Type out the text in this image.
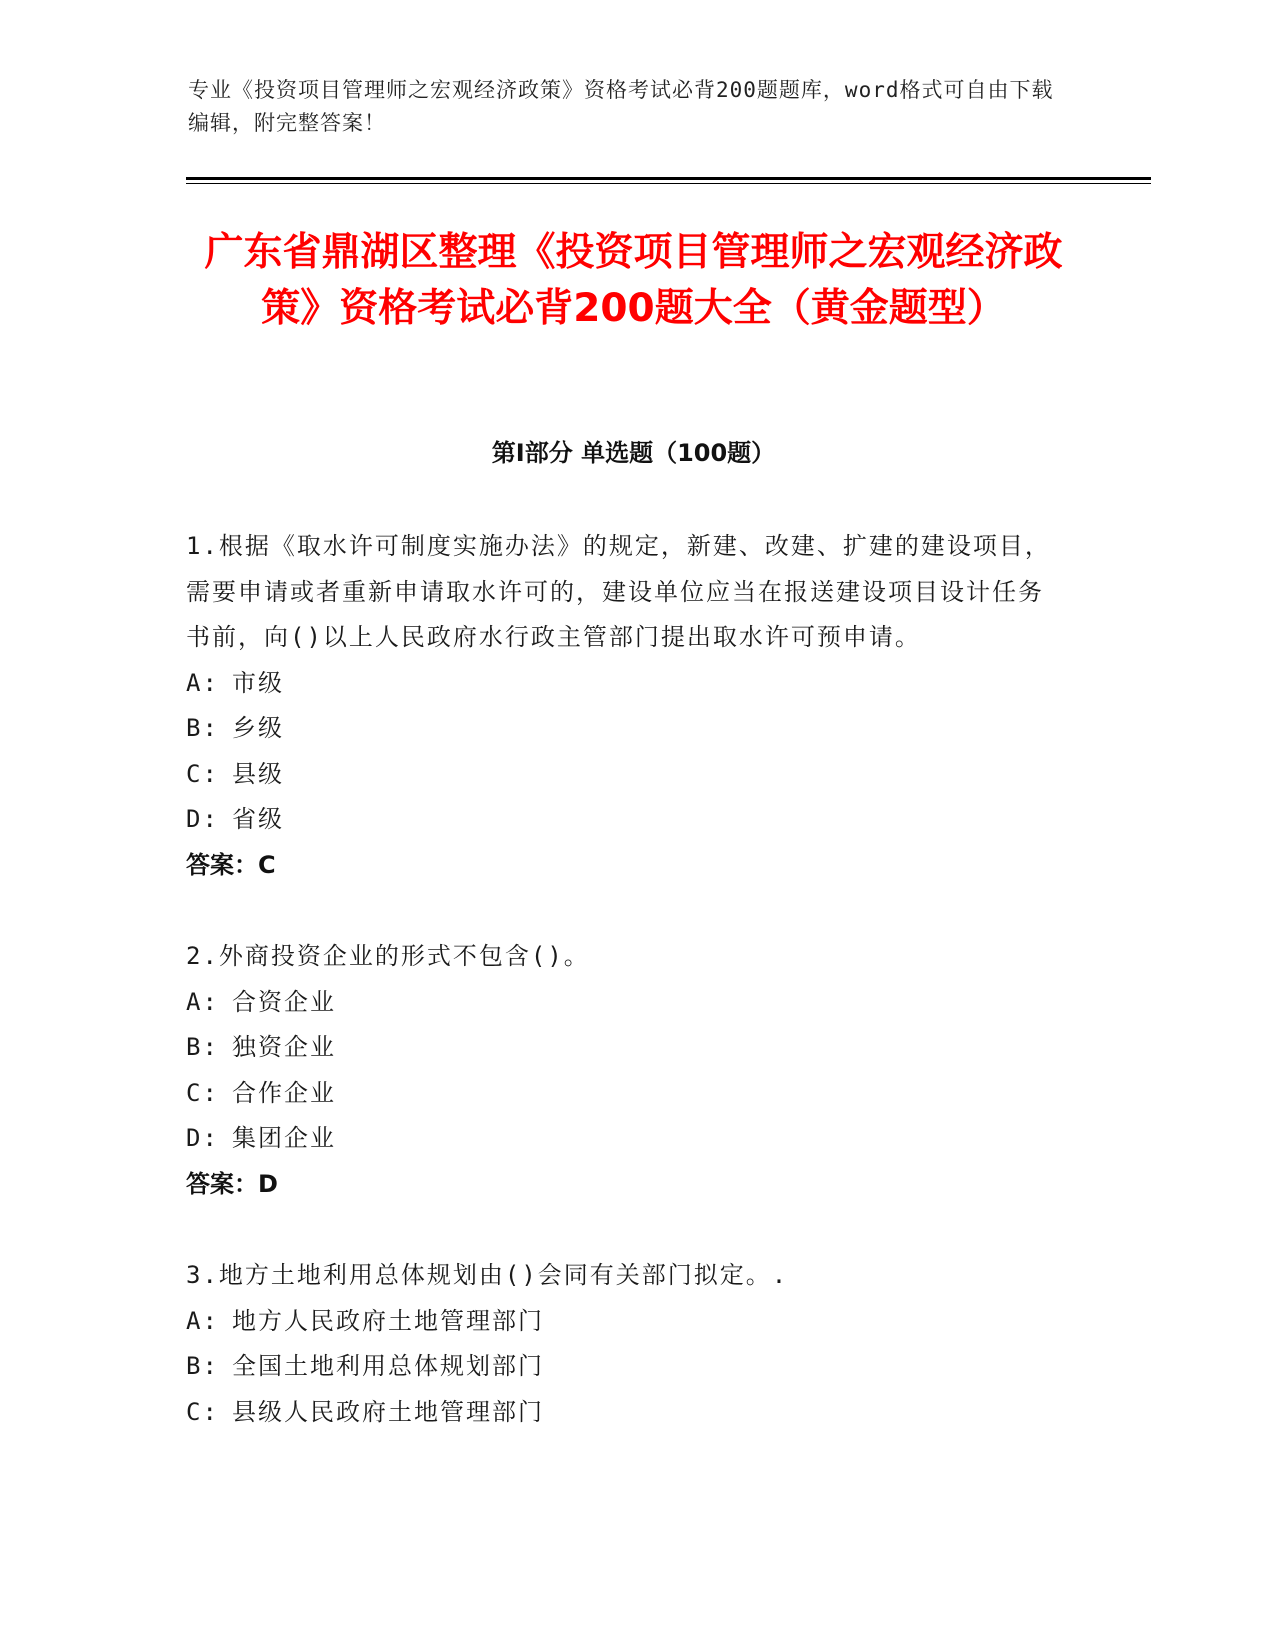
专业《投资项目管理师之宏观经济政策》资格考试必背200题题库，word格式可自由下载编辑，附完整答案！
广东省鼎湖区整理《投资项目管理师之宏观经济政策》资格考试必背200题大全（黄金题型）
第Ⅰ部分 单选题（100题）
1.根据《取水许可制度实施办法》的规定，新建、改建、扩建的建设项目，需要申请或者重新申请取水许可的，建设单位应当在报送建设项目设计任务书前，向()以上人民政府水行政主管部门提出取水许可预申请。
A: 市级
B: 乡级
C: 县级
D: 省级
答案：C
2.外商投资企业的形式不包含()。
A: 合资企业
B: 独资企业
C: 合作企业
D: 集团企业
答案：D
3.地方土地利用总体规划由()会同有关部门拟定。.
A: 地方人民政府土地管理部门
B: 全国土地利用总体规划部门
C: 县级人民政府土地管理部门
